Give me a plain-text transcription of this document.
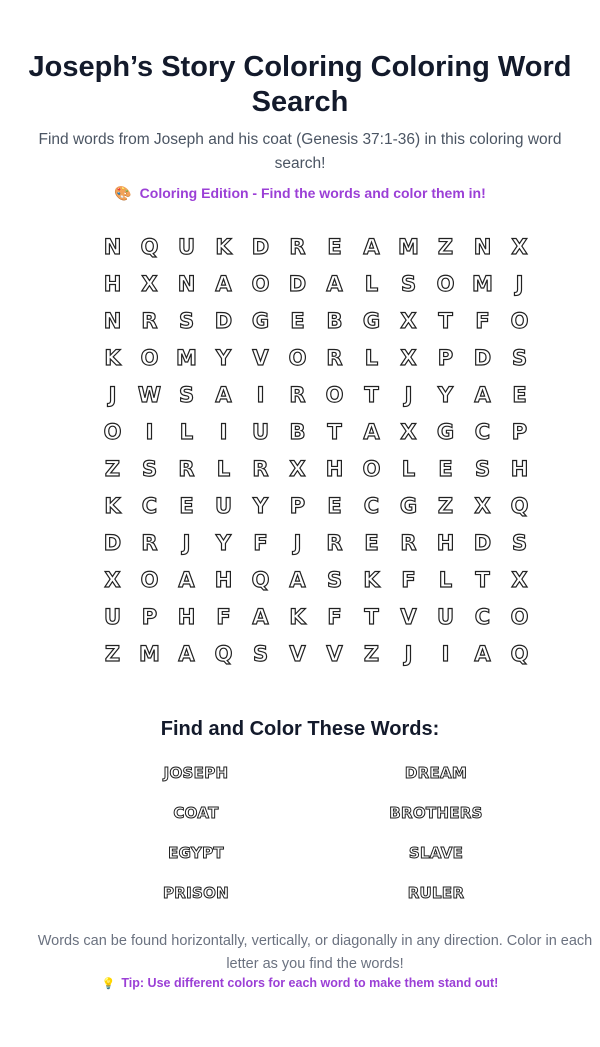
Joseph’s Story Coloring Coloring Word Search
Find words from Joseph and his coat (Genesis 37:1-36) in this coloring word search!
🎨 Coloring Edition - Find the words and color them in!
N Q U K D R	E	A M Z N X
H X N A O D A	L	S O M	J
N R	S D G	E	B G X	T	F O
K O M Y	V O R	L	X	P D S
J	W S	A	I	R O T	J	Y	A	E
O	I	L	I	U B	T	A X G C	P
Z	S	R	L	R X H O	L	E	S H
K	C	E	U Y	P	E	C G Z	X Q
D R	J	Y	F	J	R	E	R H D S
X O A H Q A	S	K	F	L	T	X
U P H	F	A K	F	T	V U C O
Z M A Q S	V V	Z	J	I	A Q
Find and Color These Words:
JOSEPH	DREAM
COAT	BROTHERS
EGYPT	SLAVE
PRISON	RULER
Words can be found horizontally, vertically, or diagonally in any direction. Color in each letter as you find the words!
💡 Tip: Use different colors for each word to make them stand out!
